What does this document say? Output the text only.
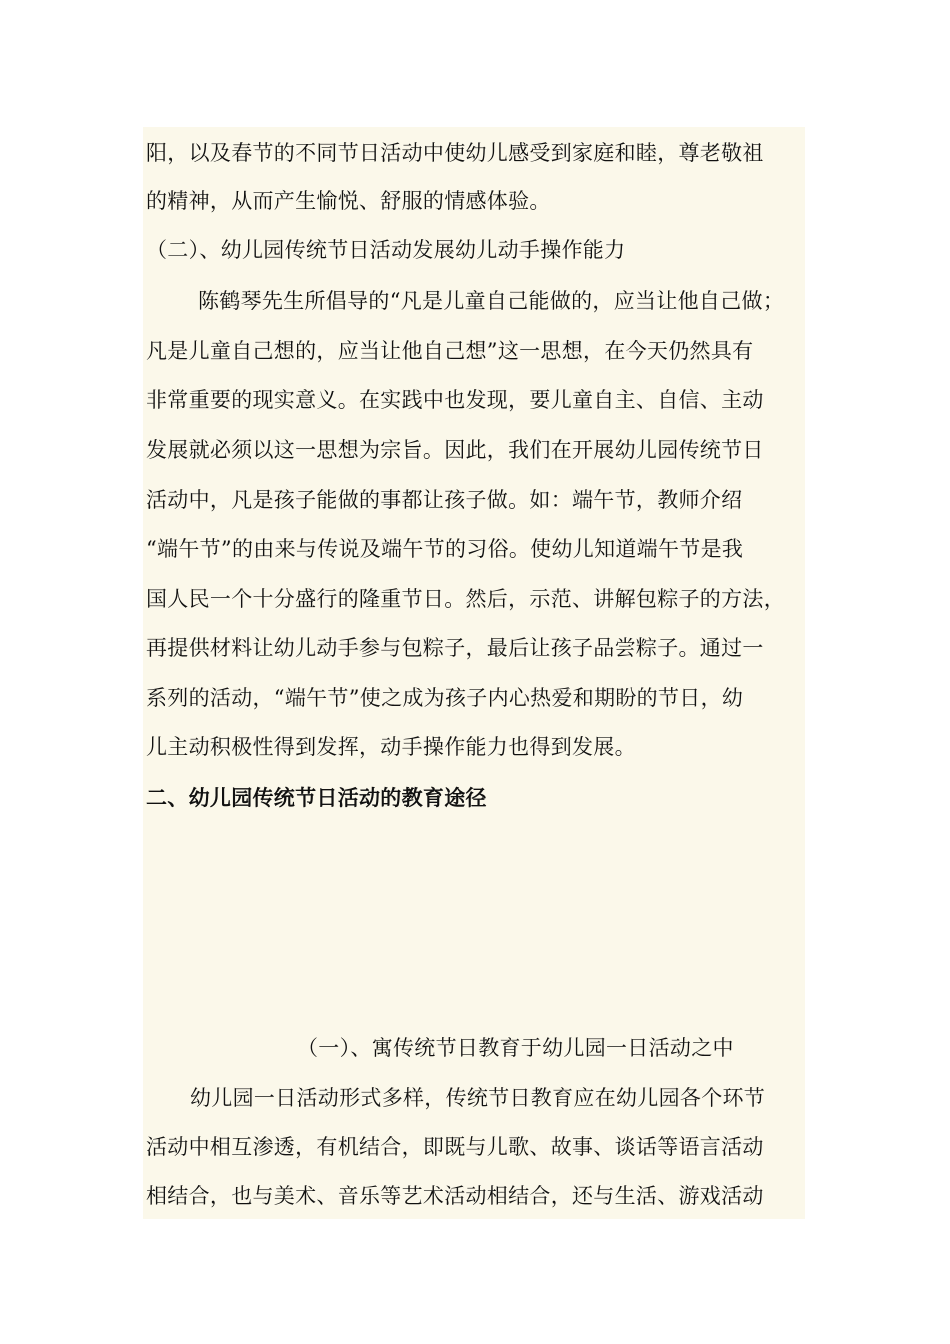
阳，以及春节的不同节日活动中使幼儿感受到家庭和睦，尊老敬祖
的精神，从而产生愉悦、舒服的情感体验。
（二）、幼儿园传统节日活动发展幼儿动手操作能力
陈鹤琴先生所倡导的“凡是儿童自己能做的，应当让他自己做；
凡是儿童自己想的，应当让他自己想”这一思想，在今天仍然具有
非常重要的现实意义。在实践中也发现，要儿童自主、自信、主动
发展就必须以这一思想为宗旨。因此，我们在开展幼儿园传统节日
活动中，凡是孩子能做的事都让孩子做。如：端午节，教师介绍
“端午节”的由来与传说及端午节的习俗。使幼儿知道端午节是我
国人民一个十分盛行的隆重节日。然后，示范、讲解包粽子的方法，
再提供材料让幼儿动手参与包粽子，最后让孩子品尝粽子。通过一
系列的活动，“端午节”使之成为孩子内心热爱和期盼的节日，幼
儿主动积极性得到发挥，动手操作能力也得到发展。
二、幼儿园传统节日活动的教育途径
（一）、寓传统节日教育于幼儿园一日活动之中
幼儿园一日活动形式多样，传统节日教育应在幼儿园各个环节
活动中相互渗透，有机结合，即既与儿歌、故事、谈话等语言活动
相结合，也与美术、音乐等艺术活动相结合，还与生活、游戏活动
